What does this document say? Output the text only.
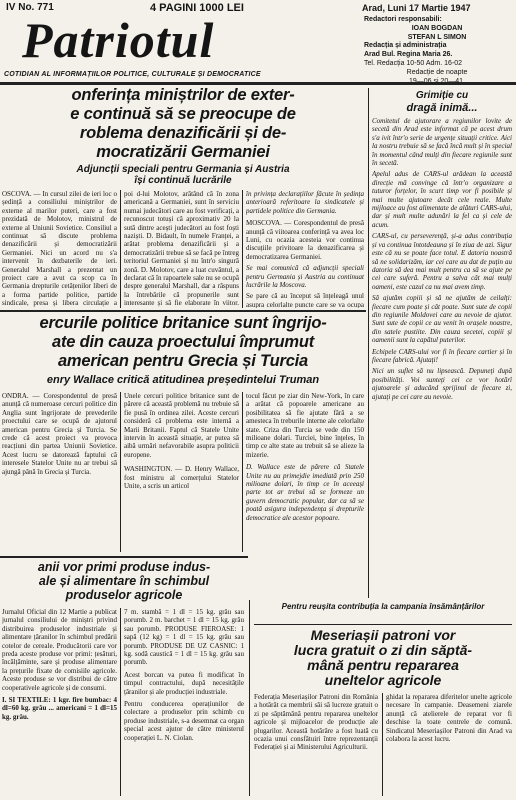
IV No. 771	4 PAGINI 1000 LEI	Arad, Luni 17 Martie 1947
Patriotul
COTIDIAN AL INFORMAȚIILOR POLITICE, CULTURALE ȘI DEMOCRATICE
Redactori responsabili:
IOAN BOGDAN
STEFAN L SIMON
Redacția și administrația
Arad Bul. Regina Maria 26.
Tel. Redacția 10-50 Adm. 16-02
Redacție de noapte
onferința miniștrilor de exter-
e continuă să se preocupe de
roblema denazificării și de-
mocratizării Germaniei
Adjuncții speciali pentru Germania și Austria
își continuă lucrările
OSCOVA. — In cursul zilei de ieri loc o ședință a consiliului miniștrilor de externe al marilor puteri, care a fost prezidată de Molotov, ministrul de externe al Uniunii Sovietice. Consiliul a continuat să discute problema denazificării și democratizării Germaniei. Nici un acord nu s'a intervenit în dezbaterile de ieri. Generalul Marshall a prezentat un proiect care a avut ca scop ca în Germania drepturile cetățenilor liberi de a forma partide politice, partide sindicale, presa și libera circulație a
poi d-lui Molotov, arătând că în zona americană a Germaniei, sunt în serviciu numai judecători care au fost verificați, a recunoscut totuși că aproximativ 20 la sută dintre acești judecători au fost foști naziști. D. Bidault, în numele Franței, a arătat problema denazificării și a democratizării trebue să se facă pe întreg teritoriul Germaniei și nu într'o singură zonă. D. Molotov, care a luat cuvântul, a declarat că în rapoartele sale nu se ocupă despre generalul Marshall, dar a răspuns la întrebările că propunerile sunt interesante și să fie elaborate în viitor.

în privința declarațiilor făcute în ședința anterioară referitoare la sindicatele și partidele politice din Germania.

MOSCOVA. — Corespondentul de presă anunță că viitoarea conferință va avea loc Luni, cu ocazia acesteia vor continua discuțiile privitoare la denazificarea și democratizarea Germaniei.

Se mai comunică că adjuncții speciali pentru Germania și Austria au continuat lucrările la Moscova.

Se pare că au început să înțeleagă unul asupra celorlalte puncte care se va ocupa

Grimiție cu
dragă inimă...

Comitetul de ajutorare a regiunilor lovite de secetă din Arad este informat că pe acest drum s'a ivit într'o serie de urgențe situații critice. Aici la nostru trebuie să se facă încă mult și în special în momentul când mulți din fiecare regiunile sunt în secetă.

Apelul adus de CARS-ul arădean la această direcție mă convinge că într'o organizare a tuturor forțelor, în scurt timp vor fi posibile și mai multe ajutoare decât cele reale. Multe mijloace au fost alimentate de alături CARS-ului, dar și mult multe adunări la fel ca și cele de acum.

CARS-ul, cu perseverență, și-a adus contribuția și va continua întotdeauna și în ziua de azi. Sigur este că nu se poate face totul. E datoria noastră să ne solidarizăm, iar cei care au dat de puțin au datoria să dea mai mult pentru ca să se ajute pe cei care suferă. Pentru a salva cât mai mulți oameni, este cazul ca nu mai avem timp.

Să ajutăm copiii și să ne ajutăm de ceilalți: fiecare cum poate și cât poate. Sunt sute de copii din regiunile Moldovei care au nevoie de ajutor. Sunt sute de copii ce au venit în orașele noastre, din satele pustiite. Din cauza secetei, copiii și oamenii sunt la capătul puterilor.

Echipele CARS-ului vor fi în fiecare cartier și în fiecare fabrică. Ajutați!

Nici un suflet să nu lipsească. Depuneți după posibilități. Voi sunteți cei ce vor hotărî ajutoarele și aducând sprijinul de fiecare zi, ajutați pe cei care au nevoie.

ercurile politice britanice sunt îngrijo-
ate din cauza proectului împrumut
american pentru Grecia și Turcia
enry Wallace critică atitudinea președintelui Truman
ONDRA. — Corespondentul de presă anunță că numeroase cercuri politice din Anglia sunt îngrijorate de prevederile proectului care se ocupă de ajutorul american pentru Grecia și Turcia. Se crede că acest proiect va provoca reacțiuni din partea Uniunii Sovietice. Acest lucru se datorează faptului că interesele Statelor Unite nu ar trebui să ajungă până în Grecia și Turcia.

Unele cercuri politice britanice sunt de părere că această problemă nu trebuie să fie pusă în ordinea zilei. Aceste cercuri consideră că problema este internă a Marii Britanii. Faptul că Statele Unite intervin în această situație, ar putea să aibă urmări nefavorabile asupra politicii europene.

WASHINGTON. — D. Henry Wallace, fost ministru al comerțului Statelor Unite, a scris un articol

tocul făcut pe ziar din New-York, în care a arătat că popoarele americane au posibilitatea să fie ajutate fără a se amesteca în treburile interne ale celorlalte state. Criza din Turcia se vede din 150 milioane dolari. Turciei, bine înțeles, în timp ce alte state au trebuit să se alieze la mizerie.

D. Wallace este de părere că Statele Unite nu au primejdie imediată prin 250 milioane dolari, în timp ce în aceeași parte tot ar trebui să se formeze un guvern democratic popular, dar ca să se poată asigura independența și drepturile democratice ale acestor popoare.

anii vor primi produse indus-
ale și alimentare în schimbul
produselor agricole

Jurnalul Oficial din 12 Martie a publicat jurnalul consiliului de miniștri privind distribuirea produselor industriale și alimentare țăranilor în schimbul predării cotelor de cereale. Producătorii care vor preda aceste produse vor primi: țesături, încălțăminte, sare și produse alimentare la prețurile fixate de comisiile agricole. Aceste produse se vor distribui de către cooperativele agricole și de consumi.

I. SI TEXTILE: 1 kgr. fire bumbac: 4 dl=60 kg. grâu ... americani = 1 dl=15 kg. grâu.

7 m. stambă = 1 dl = 15 kg. grâu sau porumb. 2 m. barchet = 1 dl = 15 kg. grâu sau porumb. PRODUSE FIEROASE: 1 sapă (12 kg) = 1 dl = 15 kg. grâu sau porumb. PRODUSE DE UZ CASNIC: 1 kg. sodă caustică = 1 dl = 15 kg. grâu sau porumb.

Acest borcan va putea fi modificat în timpul contractului, după necesitățile țăranilor și ale producției industriale.

Pentru conducerea operațiunilor de colectare a produselor prin schimb cu produse industriale, s-a desemnat ca organ special acest ajutor de către ministerul cooperației L. N. Ciolan.

Pentru reușita contribuția la campania însămânțărilor
Meseriașii patroni vor
lucra gratuit o zi din săptă-
mână pentru repararea
uneltelor agricole
Federația Meseriașilor Patroni din România a hotărât ca membrii săi să lucreze gratuit o zi pe săptămână pentru repararea uneltelor agricole și mijloacelor de producție ale plugarilor. Această hotărâre a fost luată cu ocazia unui consfătuiri între reprezentanții Federației și ai Ministerului Agriculturii.
ghidat la repararea diferitelor unelte agricole necesare în campanie. Deasemeni ziarele anunță că atelierele de reparat vor fi deschise la toate centrele de comună. Sindicatul Meseriașilor Patroni din Arad va colabora la acest lucru.
